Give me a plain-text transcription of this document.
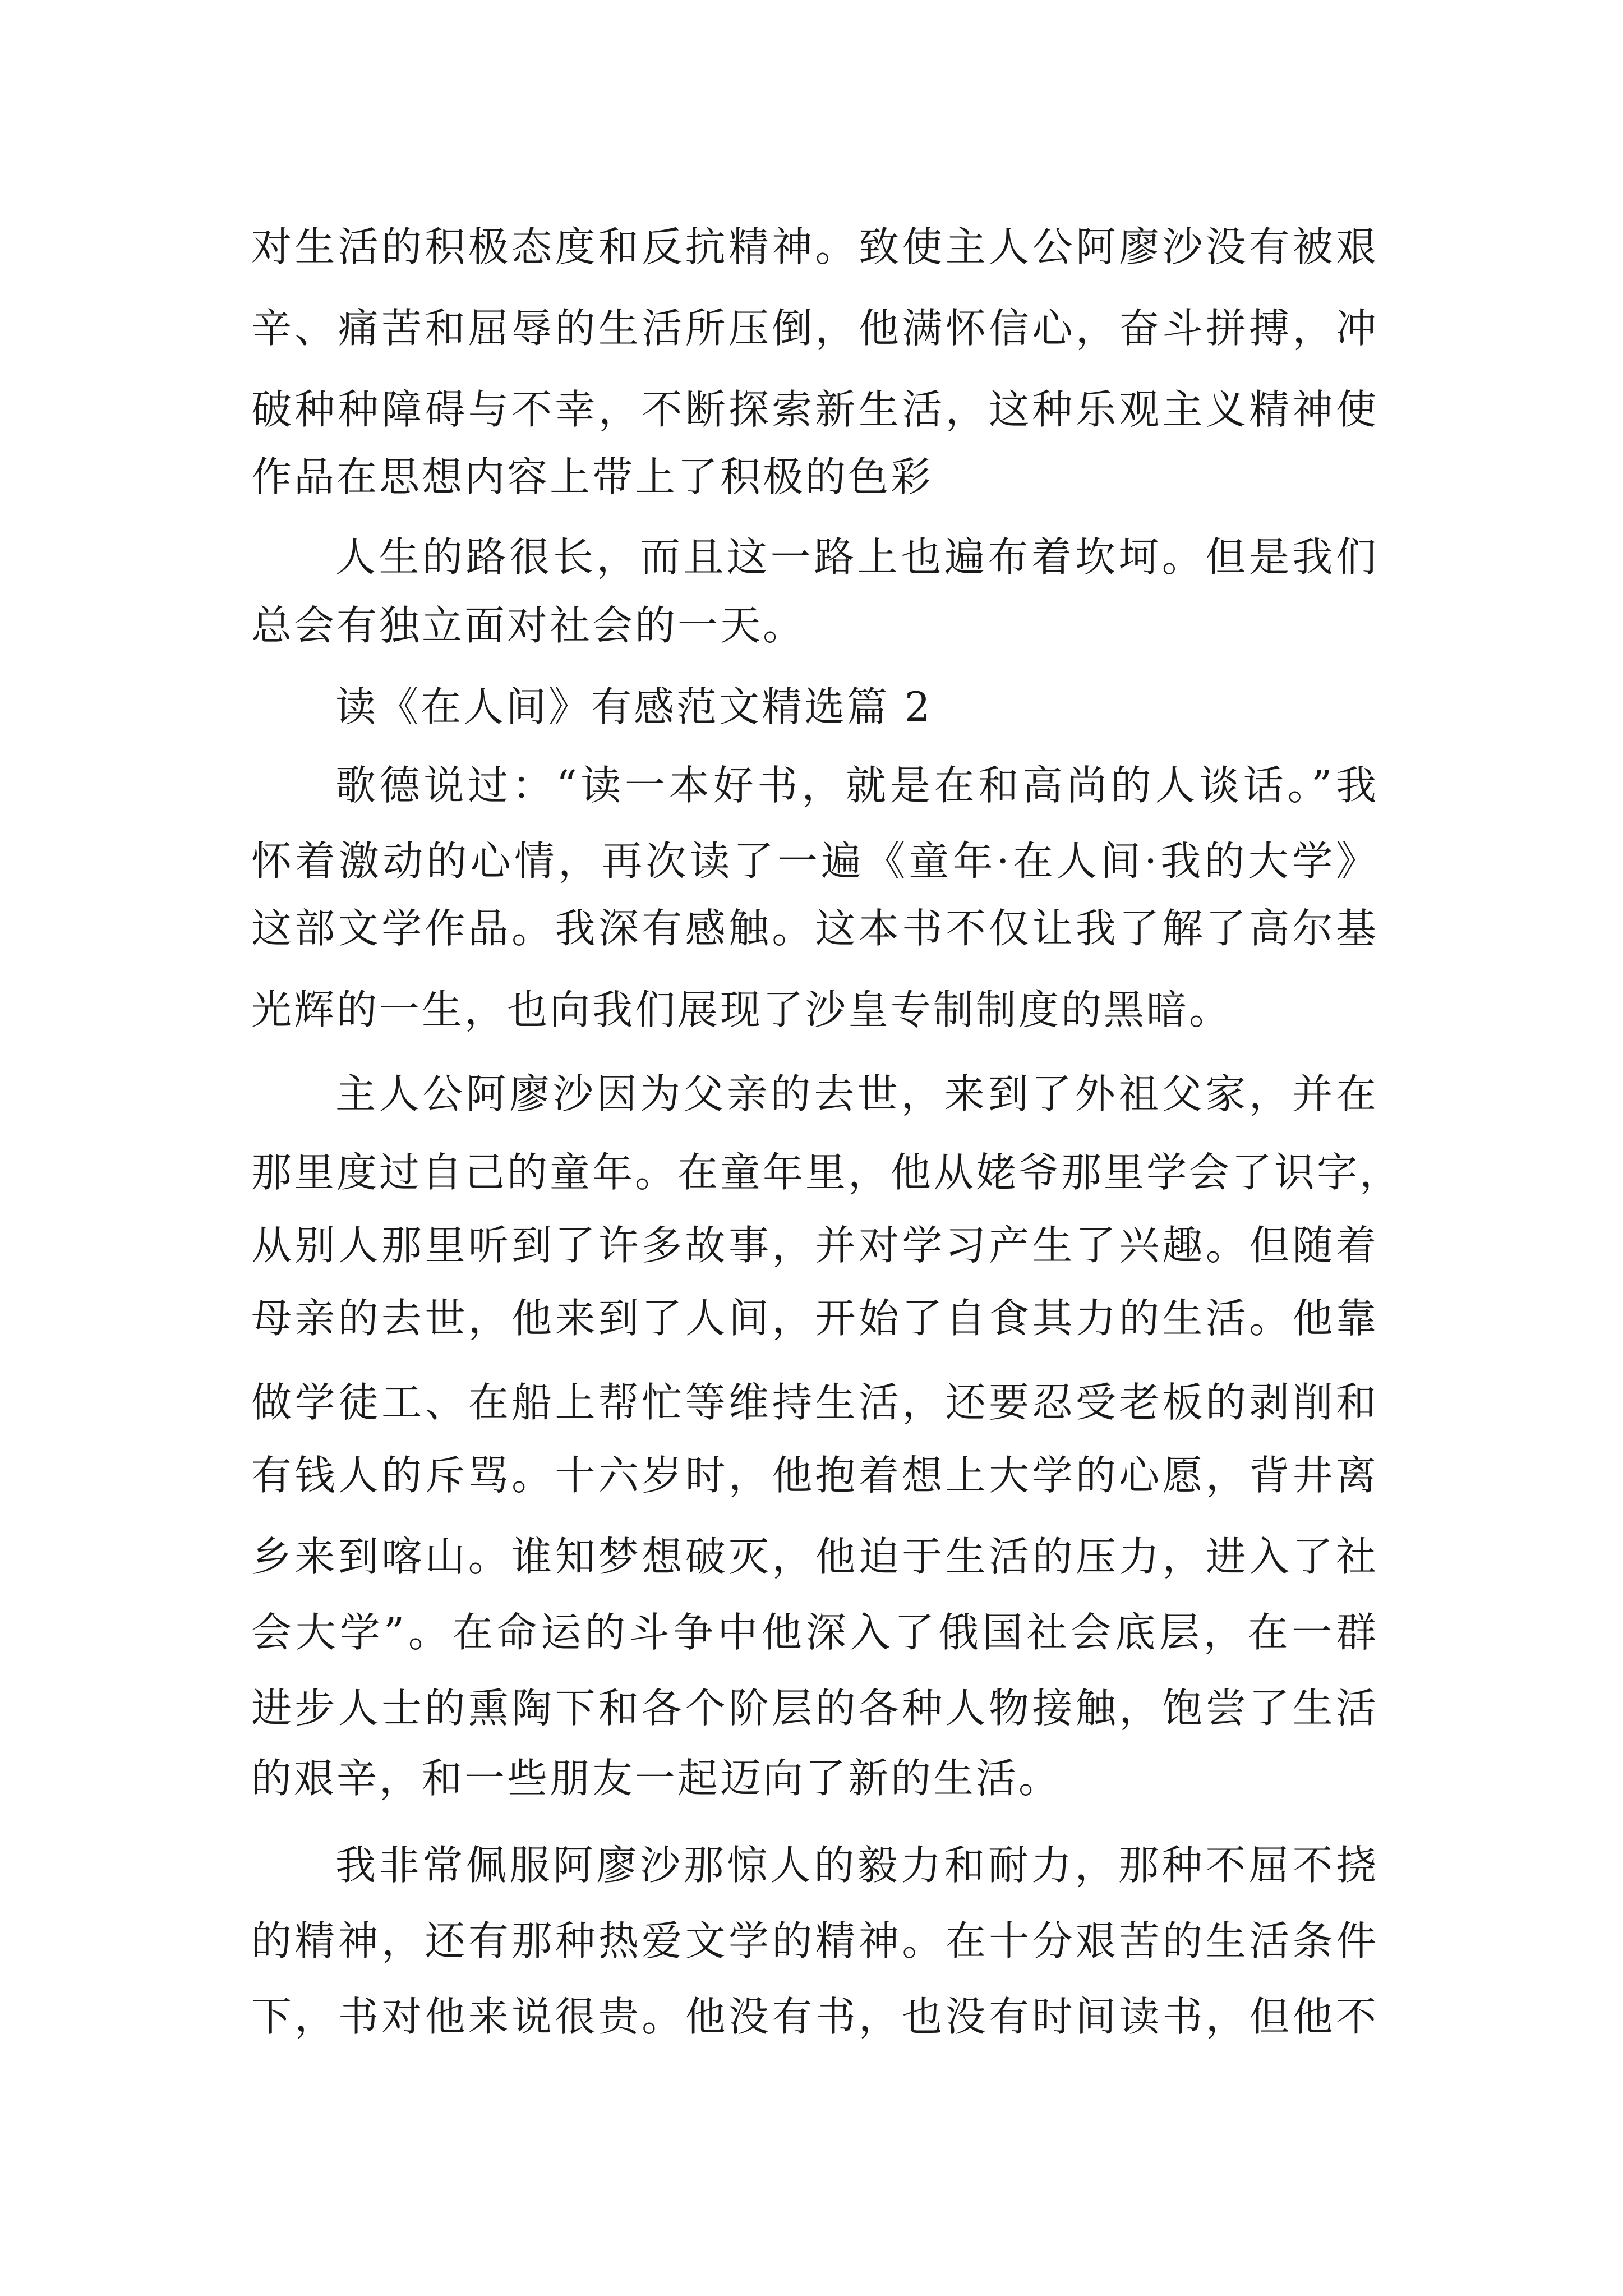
对生活的积极态度和反抗精神。致使主人公阿廖沙没有被艰
辛、痛苦和屈辱的生活所压倒，他满怀信心，奋斗拼搏，冲
破种种障碍与不幸，不断探索新生活，这种乐观主义精神使
作品在思想内容上带上了积极的色彩
人生的路很长，而且这一路上也遍布着坎坷。但是我们
总会有独立面对社会的一天。
读《在人间》有感范文精选篇 2
歌德说过：“读一本好书，就是在和高尚的人谈话。”我
怀着激动的心情，再次读了一遍《童年·在人间·我的大学》
这部文学作品。我深有感触。这本书不仅让我了解了高尔基
光辉的一生，也向我们展现了沙皇专制制度的黑暗。
主人公阿廖沙因为父亲的去世，来到了外祖父家，并在
那里度过自己的童年。在童年里，他从姥爷那里学会了识字，
从别人那里听到了许多故事，并对学习产生了兴趣。但随着
母亲的去世，他来到了人间，开始了自食其力的生活。他靠
做学徒工、在船上帮忙等维持生活，还要忍受老板的剥削和
有钱人的斥骂。十六岁时，他抱着想上大学的心愿，背井离
乡来到喀山。谁知梦想破灭，他迫于生活的压力，进入了社
会大学”。在命运的斗争中他深入了俄国社会底层，在一群
进步人士的熏陶下和各个阶层的各种人物接触，饱尝了生活
的艰辛，和一些朋友一起迈向了新的生活。
我非常佩服阿廖沙那惊人的毅力和耐力，那种不屈不挠
的精神，还有那种热爱文学的精神。在十分艰苦的生活条件
下，书对他来说很贵。他没有书，也没有时间读书，但他不
